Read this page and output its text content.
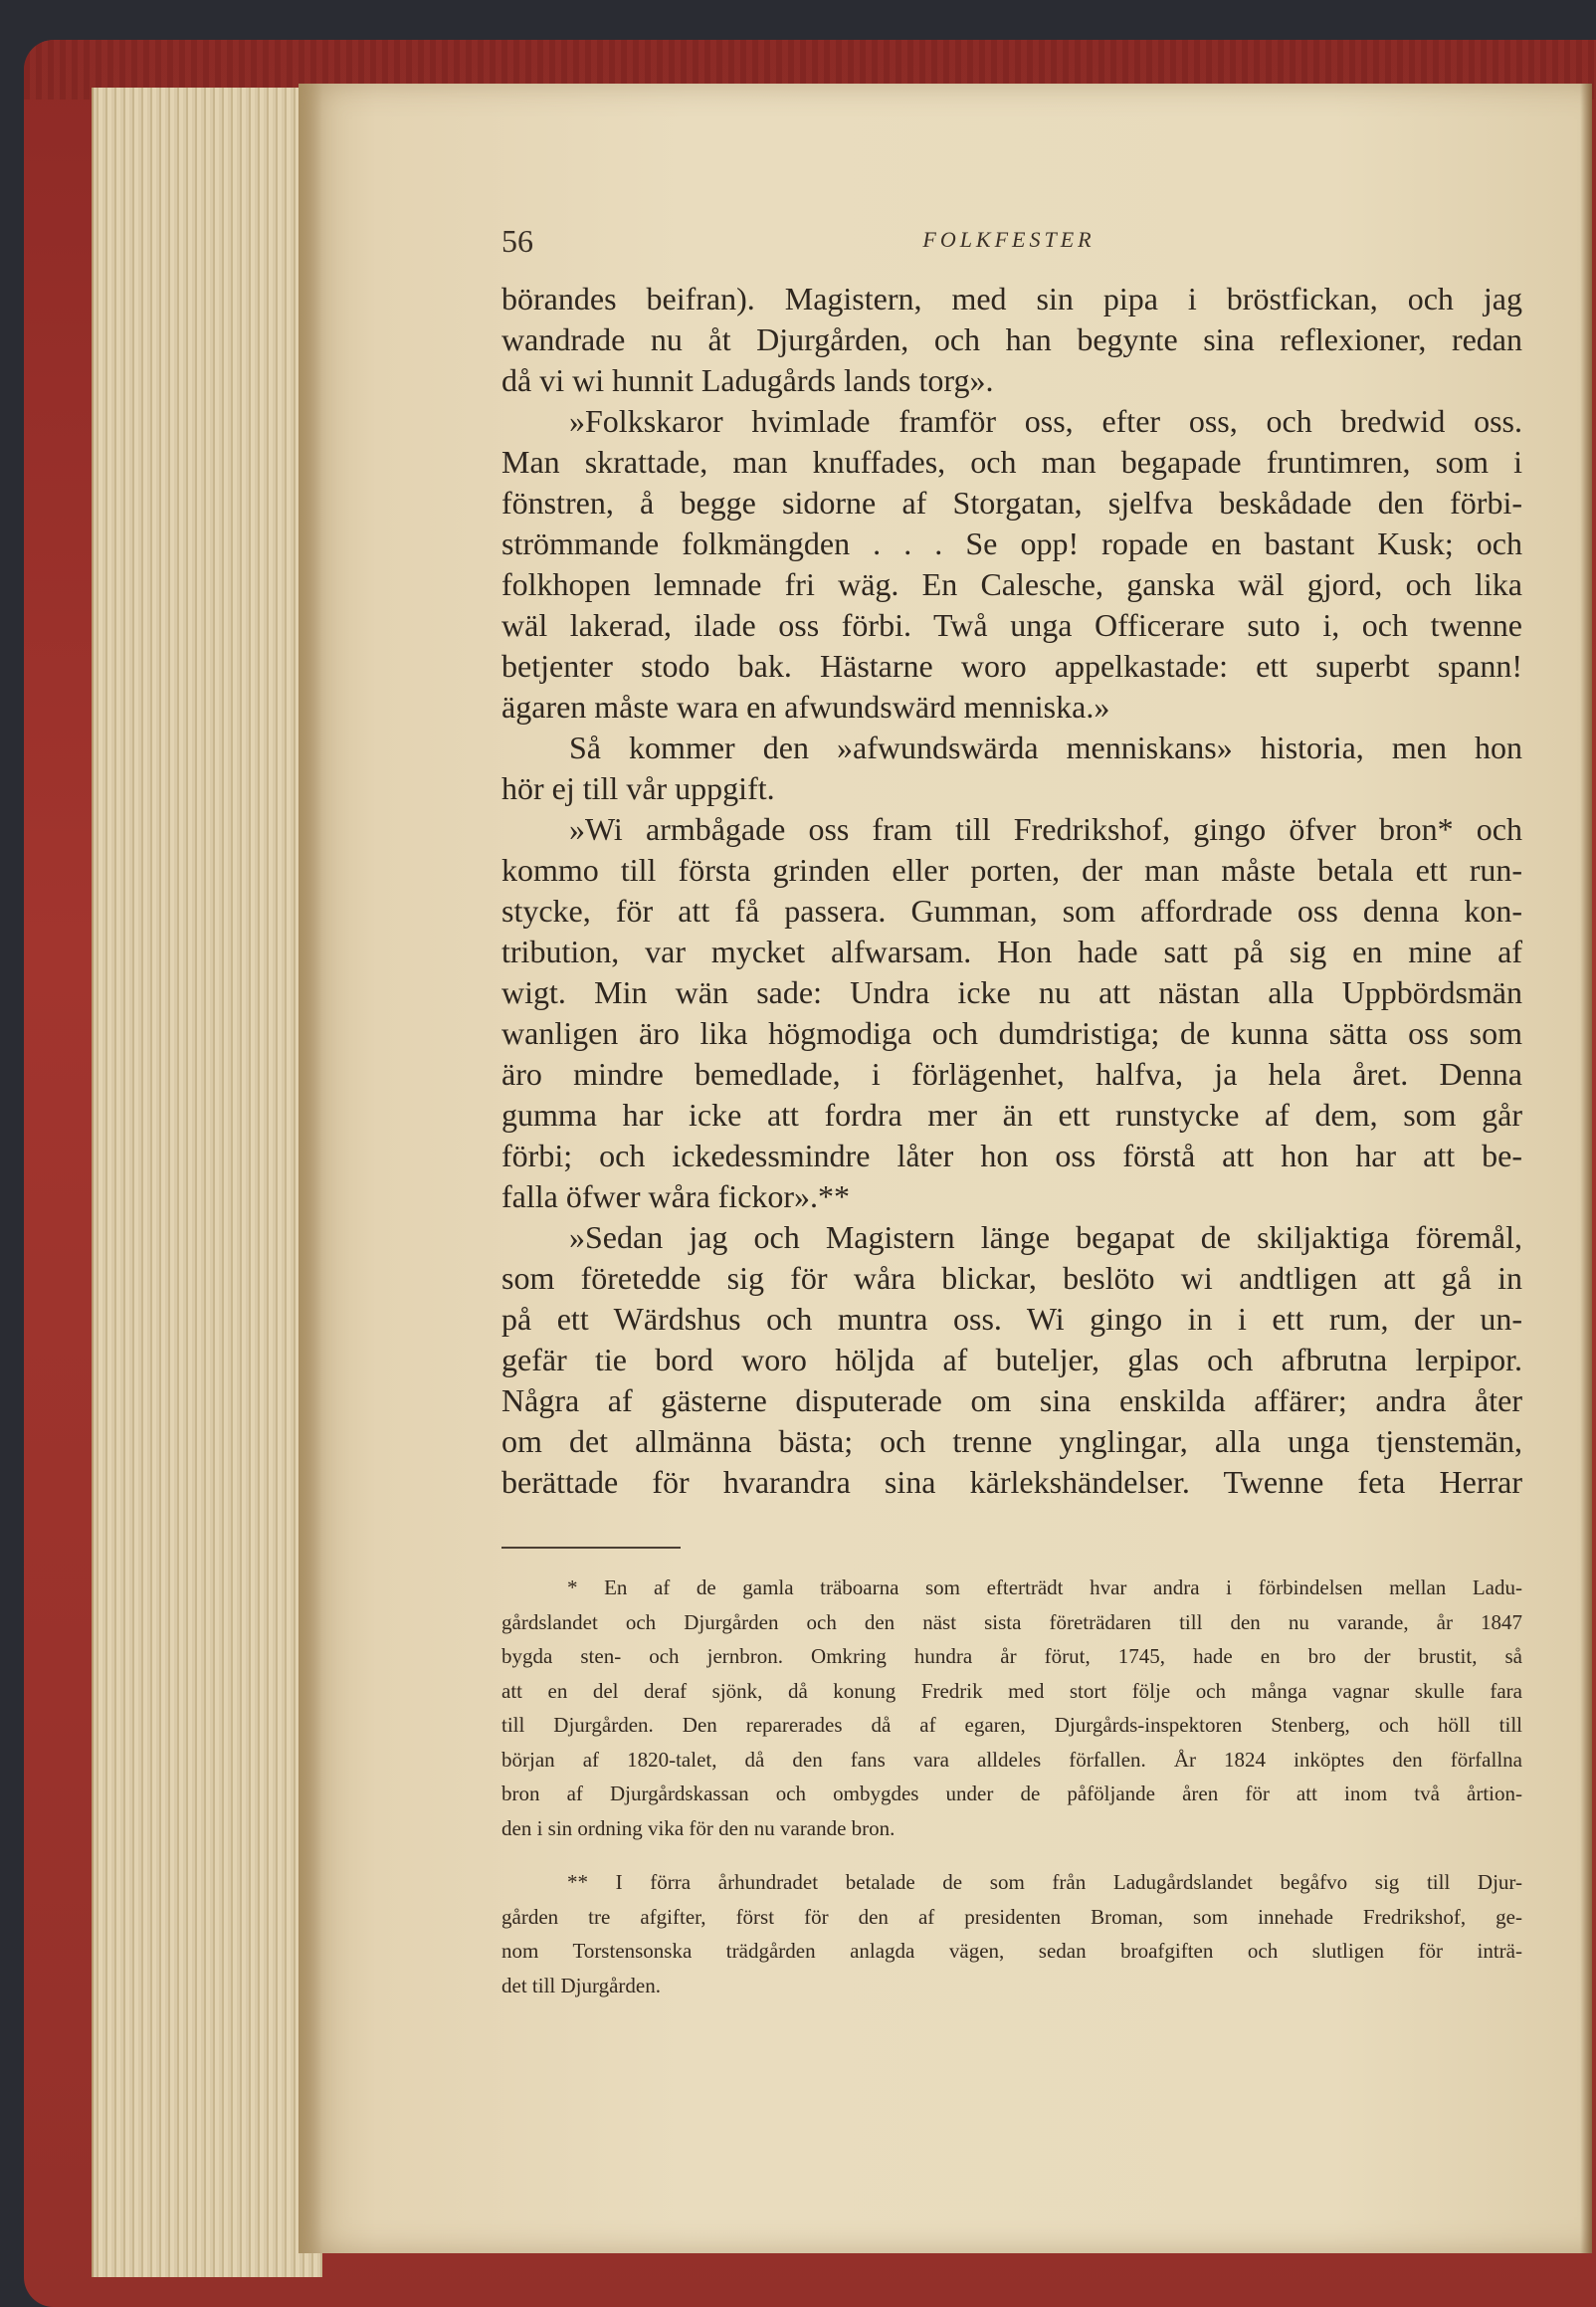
56	FOLKFESTER
börandes beifran). Magistern, med sin pipa i bröstfickan, och jag
wandrade nu åt Djurgården, och han begynte sina reflexioner, redan
då vi wi hunnit Ladugårds lands torg».
»Folkskaror hvimlade framför oss, efter oss, och bredwid oss.
Man skrattade, man knuffades, och man begapade fruntimren, som i
fönstren, å begge sidorne af Storgatan, sjelfva beskådade den förbi-
strömmande folkmängden . . . Se opp! ropade en bastant Kusk; och
folkhopen lemnade fri wäg. En Calesche, ganska wäl gjord, och lika
wäl lakerad, ilade oss förbi. Twå unga Officerare suto i, och twenne
betjenter stodo bak. Hästarne woro appelkastade: ett superbt spann!
ägaren måste wara en afwundswärd menniska.»
Så kommer den »afwundswärda menniskans» historia, men hon
hör ej till vår uppgift.
»Wi armbågade oss fram till Fredrikshof, gingo öfver bron* och
kommo till första grinden eller porten, der man måste betala ett run-
stycke, för att få passera. Gumman, som affordrade oss denna kon-
tribution, var mycket alfwarsam. Hon hade satt på sig en mine af
wigt. Min wän sade: Undra icke nu att nästan alla Uppbördsmän
wanligen äro lika högmodiga och dumdristiga; de kunna sätta oss som
äro mindre bemedlade, i förlägenhet, halfva, ja hela året. Denna
gumma har icke att fordra mer än ett runstycke af dem, som går
förbi; och ickedessmindre låter hon oss förstå att hon har att be-
falla öfwer wåra fickor».**
»Sedan jag och Magistern länge begapat de skiljaktiga föremål,
som företedde sig för wåra blickar, beslöto wi andtligen att gå in
på ett Wärdshus och muntra oss. Wi gingo in i ett rum, der un-
gefär tie bord woro höljda af buteljer, glas och afbrutna lerpipor.
Några af gästerne disputerade om sina enskilda affärer; andra åter
om det allmänna bästa; och trenne ynglingar, alla unga tjenstemän,
berättade för hvarandra sina kärlekshändelser. Twenne feta Herrar
* En af de gamla träboarna som efterträdt hvar andra i förbindelsen mellan Ladu-
gårdslandet och Djurgården och den näst sista företrädaren till den nu varande, år 1847
bygda sten- och jernbron. Omkring hundra år förut, 1745, hade en bro der brustit, så
att en del deraf sjönk, då konung Fredrik med stort följe och många vagnar skulle fara
till Djurgården. Den reparerades då af egaren, Djurgårds-inspektoren Stenberg, och höll till
början af 1820-talet, då den fans vara alldeles förfallen. År 1824 inköptes den förfallna
bron af Djurgårdskassan och ombygdes under de påföljande åren för att inom två årtion-
den i sin ordning vika för den nu varande bron.
** I förra århundradet betalade de som från Ladugårdslandet begåfvo sig till Djur-
gården tre afgifter, först för den af presidenten Broman, som innehade Fredrikshof, ge-
nom Torstensonska trädgården anlagda vägen, sedan broafgiften och slutligen för inträ-
det till Djurgården.
